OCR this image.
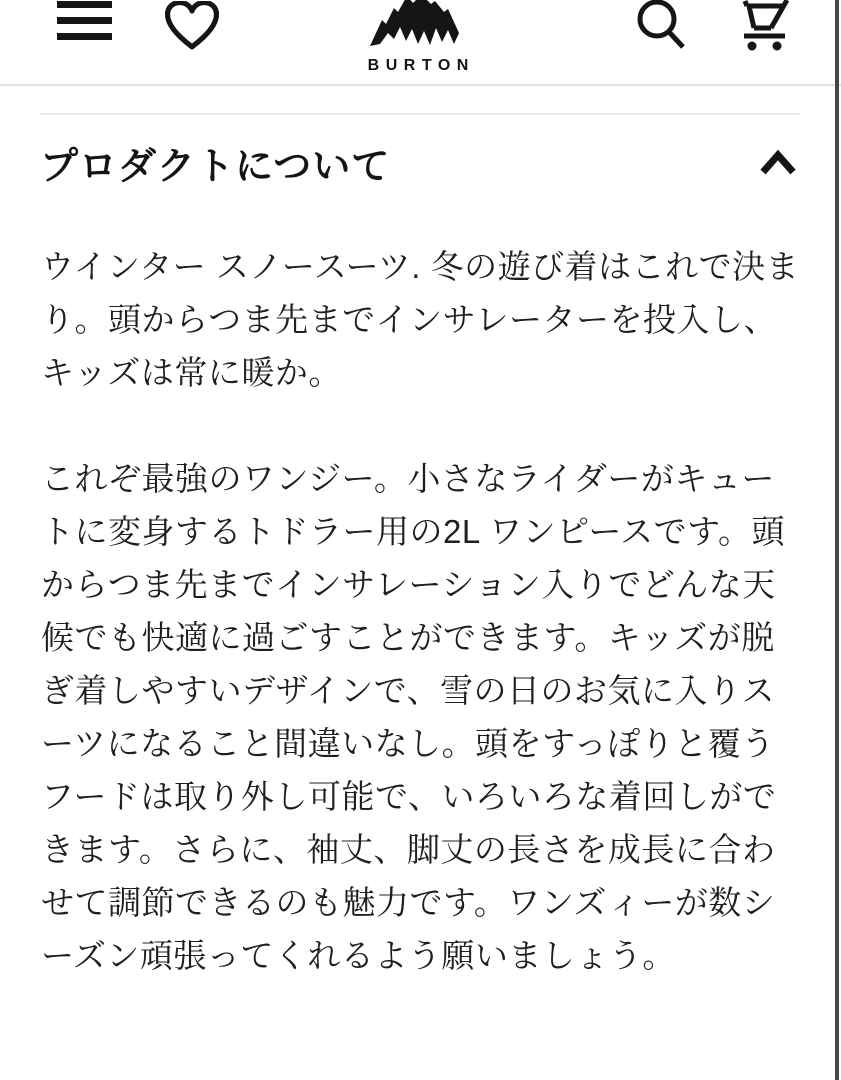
BURTON
プロダクトについて

ウインター スノースーツ. 冬の遊び着はこれで決まり。頭からつま先までインサレーターを投入し、キッズは常に暖か。

これぞ最強のワンジー。小さなライダーがキュートに変身するトドラー用の2L ワンピースです。頭からつま先までインサレーション入りでどんな天候でも快適に過ごすことができます。キッズが脱ぎ着しやすいデザインで、雪の日のお気に入りスーツになること間違いなし。頭をすっぽりと覆うフードは取り外し可能で、いろいろな着回しができます。さらに、袖丈、脚丈の長さを成長に合わせて調節できるのも魅力です。ワンズィーが数シーズン頑張ってくれるよう願いましょう。
